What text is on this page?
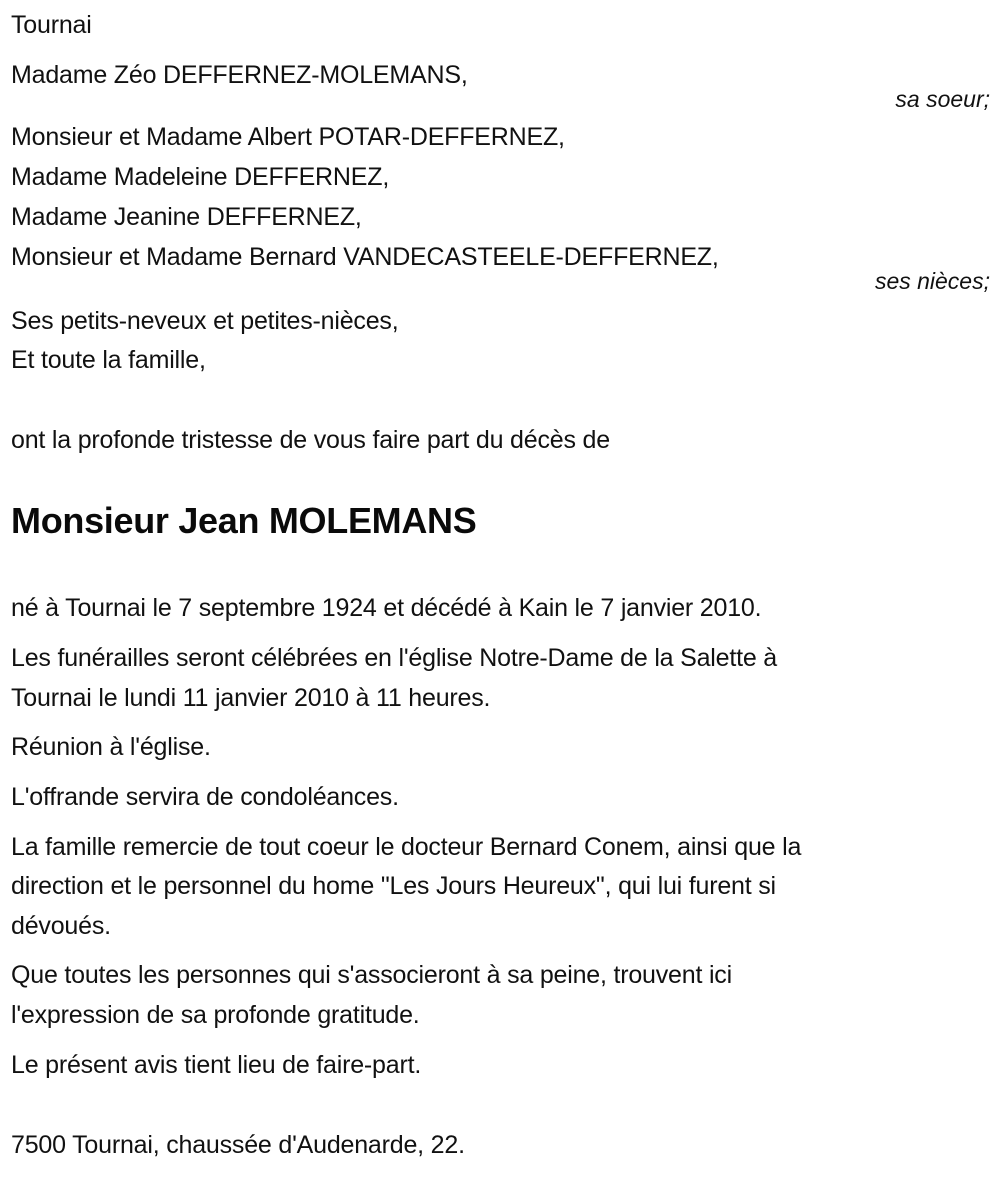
Tournai
Madame Zéo DEFFERNEZ-MOLEMANS,
sa soeur;
Monsieur et Madame Albert POTAR-DEFFERNEZ,
Madame Madeleine DEFFERNEZ,
Madame Jeanine DEFFERNEZ,
Monsieur et Madame Bernard VANDECASTEELE-DEFFERNEZ,
ses nièces;
Ses petits-neveux et petites-nièces,
Et toute la famille,
ont la profonde tristesse de vous faire part du décès de
Monsieur Jean MOLEMANS
né à Tournai le 7 septembre 1924 et décédé à Kain le 7 janvier 2010.
Les funérailles seront célébrées en l'église Notre-Dame de la Salette à
Tournai le lundi 11 janvier 2010 à 11 heures.
Réunion à l'église.
L'offrande servira de condoléances.
La famille remercie de tout coeur le docteur Bernard Conem, ainsi que la
direction et le personnel du home "Les Jours Heureux", qui lui furent si
dévoués.
Que toutes les personnes qui s'associeront à sa peine, trouvent ici
l'expression de sa profonde gratitude.
Le présent avis tient lieu de faire-part.
7500 Tournai, chaussée d'Audenarde, 22.
